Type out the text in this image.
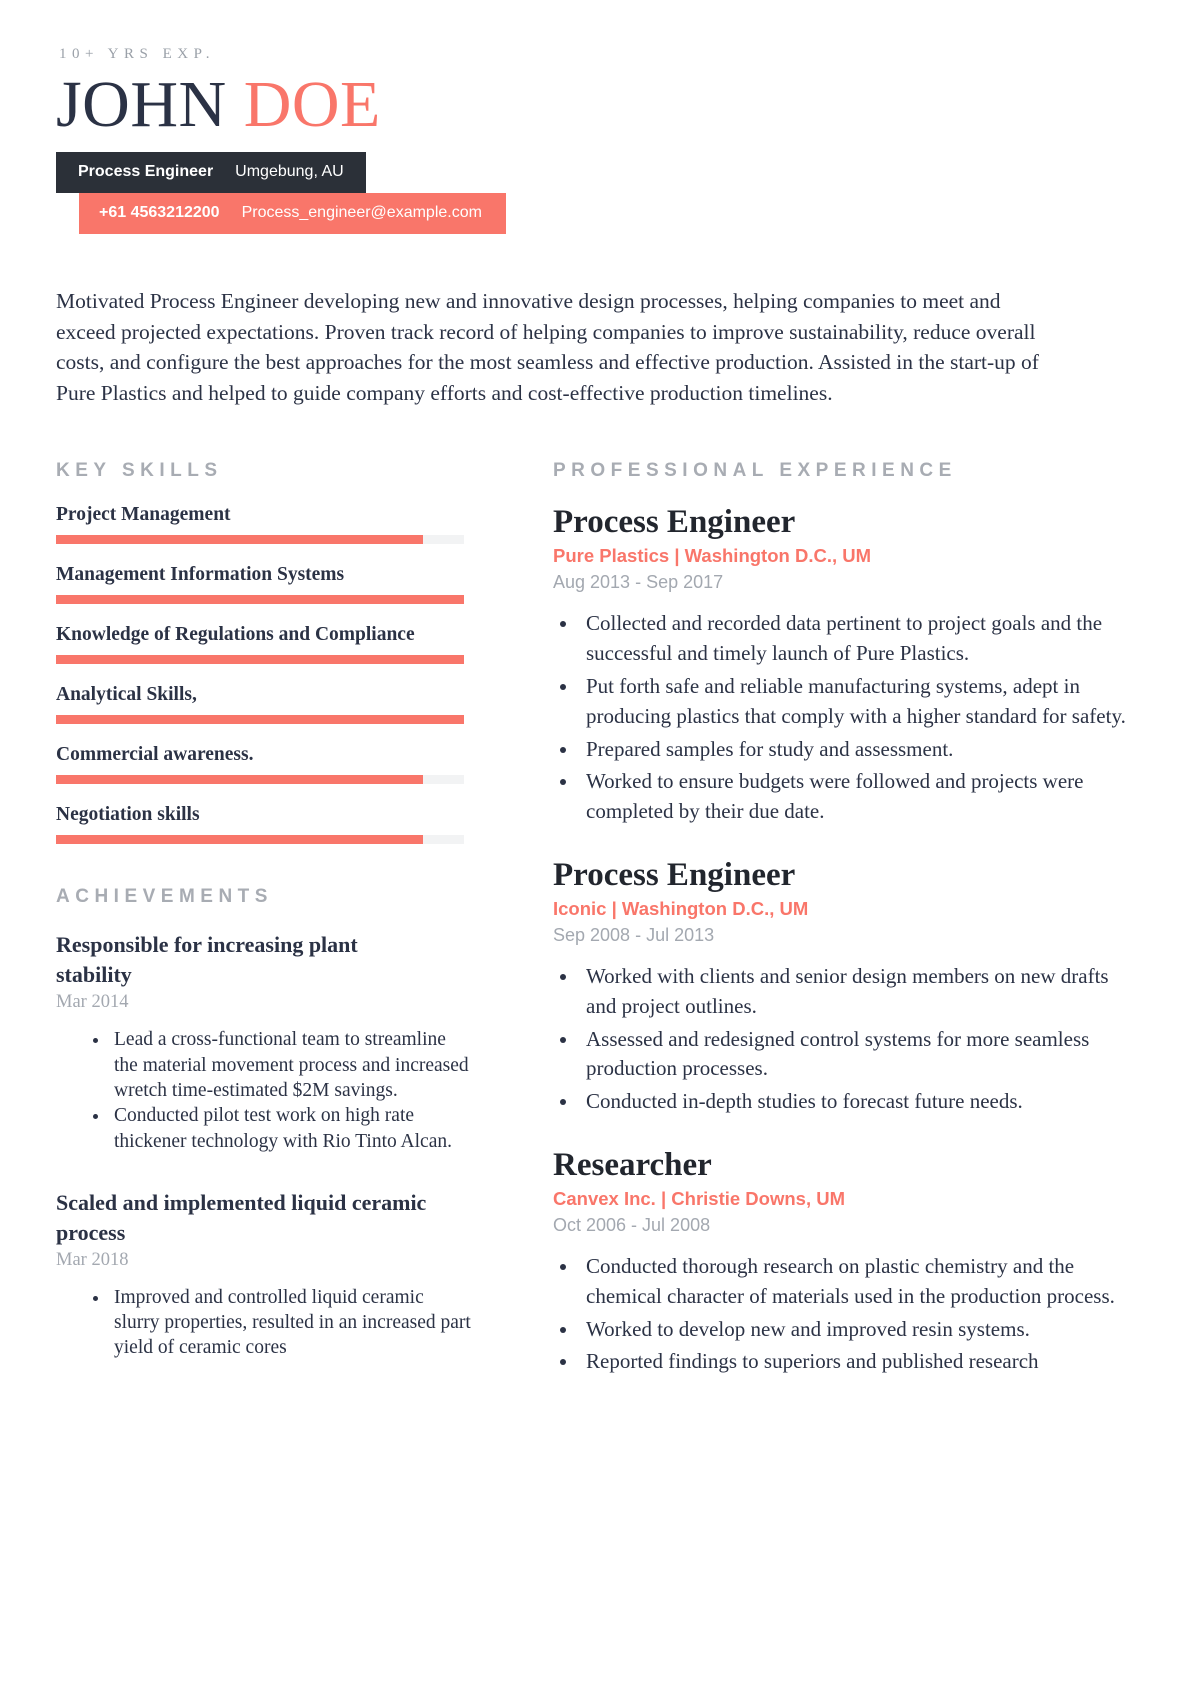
10+ YRS EXP.
JOHN DOE
Process Engineer Umgebung, AU
+61 4563212200 Process_engineer@example.com

Motivated Process Engineer developing new and innovative design processes, helping companies to meet and exceed projected expectations. Proven track record of helping companies to improve sustainability, reduce overall costs, and configure the best approaches for the most seamless and effective production. Assisted in the start-up of Pure Plastics and helped to guide company efforts and cost-effective production timelines.

KEY SKILLS
Project Management
Management Information Systems
Knowledge of Regulations and Compliance
Analytical Skills,
Commercial awareness.
Negotiation skills
ACHIEVEMENTS
Responsible for increasing plant stability
Mar 2014
• Lead a cross-functional team to streamline the material movement process and increased wretch time-estimated $2M savings.
• Conducted pilot test work on high rate thickener technology with Rio Tinto Alcan.
Scaled and implemented liquid ceramic process
Mar 2018
• Improved and controlled liquid ceramic slurry properties, resulted in an increased part yield of ceramic cores
PROFESSIONAL EXPERIENCE
Process Engineer
Pure Plastics | Washington D.C., UM
Aug 2013 - Sep 2017
• Collected and recorded data pertinent to project goals and the successful and timely launch of Pure Plastics.
• Put forth safe and reliable manufacturing systems, adept in producing plastics that comply with a higher standard for safety.
• Prepared samples for study and assessment.
• Worked to ensure budgets were followed and projects were completed by their due date.
Process Engineer
Iconic | Washington D.C., UM
Sep 2008 - Jul 2013
• Worked with clients and senior design members on new drafts and project outlines.
• Assessed and redesigned control systems for more seamless production processes.
• Conducted in-depth studies to forecast future needs.
Researcher
Canvex Inc. | Christie Downs, UM
Oct 2006 - Jul 2008
• Conducted thorough research on plastic chemistry and the chemical character of materials used in the production process.
• Worked to develop new and improved resin systems.
• Reported findings to superiors and published research
